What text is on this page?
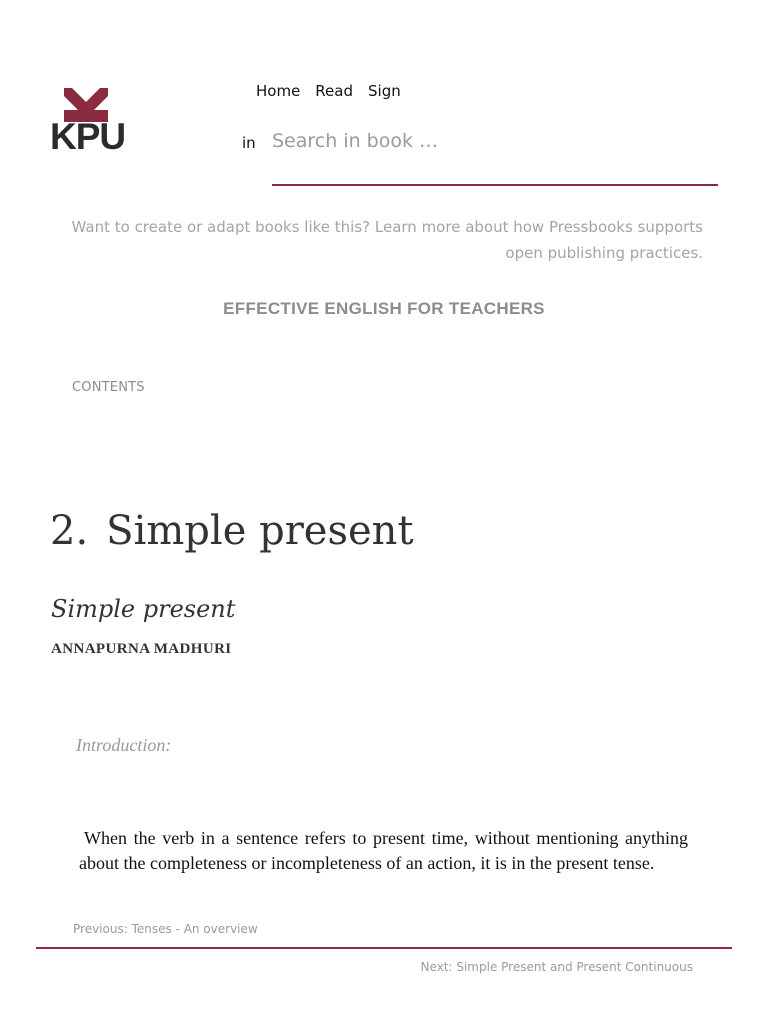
KPU
Home Read Sign
in
Search in book …
Want to create or adapt books like this? Learn more about how Pressbooks supports open publishing practices.
EFFECTIVE ENGLISH FOR TEACHERS
CONTENTS
2. Simple present
Simple present
ANNAPURNA MADHURI
Introduction:

When the verb in a sentence refers to present time, without mentioning anything about the completeness or incompleteness of an action, it is in the present tense.

Previous: Tenses - An overview
Next: Simple Present and Present Continuous
